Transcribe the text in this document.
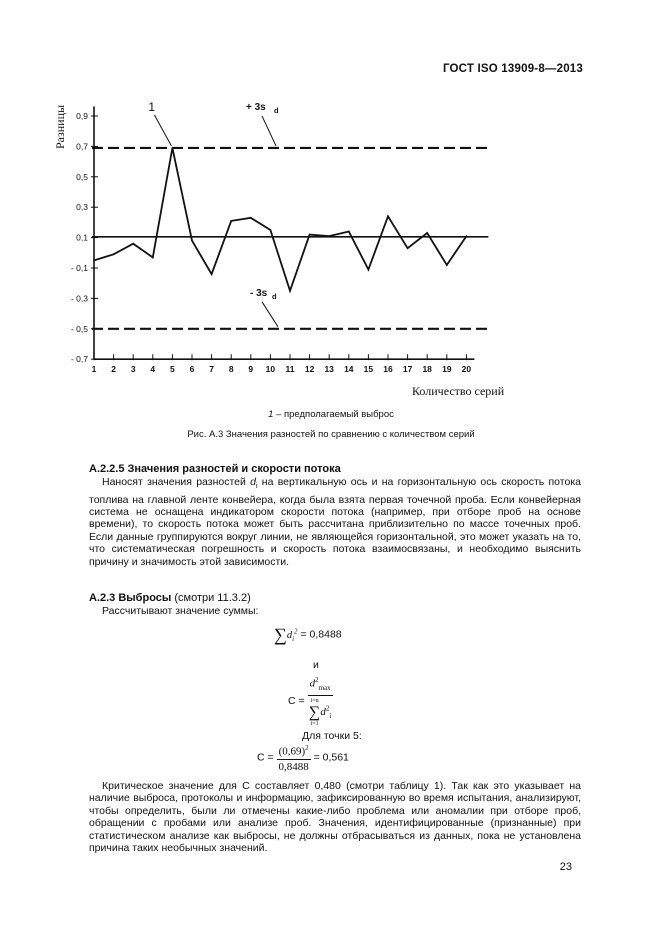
ГОСТ ISO 13909-8—2013
0,9
0,7
0,5
0,3
0,1
- 0,1
- 0,3
- 0,5
- 0,7
1 2 3 4 5 6 7 8 9 10 11 12 13 14 15 16 17 18 19 20
+ 3s d
- 3s d
1
Разницы
Количество серий
1 – предполагаемый выброс
Рис. А.3 Значения разностей по сравнению с количеством серий
А.2.2.5 Значения разностей и скорости потока
Наносят значения разностей $d_i$ на вертикальную ось и на горизонтальную ось скорость потока топлива на главной ленте конвейера, когда была взята первая точечной проба. Если конвейерная система не оснащена индикатором скорости потока (например, при отборе проб на основе времени), то скорость потока может быть рассчитана приблизительно по массе точечных проб. Если данные группируются вокруг линии, не являющейся горизонтальной, это может указать на то, что систематическая погрешность и скорость потока взаимосвязаны, и необходимо выяснить причину и значимость этой зависимости.
А.2.3 Выбросы (смотри 11.3.2)
Рассчитывают значение суммы:
$\sum d_i^2 = 0,8488$
и
$C = d^2_{max}$
i=n
∑
i=1
$d^2_i$
Для точки 5:
$C = \frac{(0,69)^2}{0,8488} = 0,561$
Критическое значение для C составляет 0,480 (смотри таблицу 1). Так как это указывает на наличие выброса, протоколы и информацию, зафиксированную во время испытания, анализируют, чтобы определить, были ли отмечены какие-либо проблема или аномалии при отборе проб, обращении с пробами или анализе проб. Значения, идентифицированные (признанные) при статистическом анализе как выбросы, не должны отбрасываться из данных, пока не установлена причина таких необычных значений.
23
